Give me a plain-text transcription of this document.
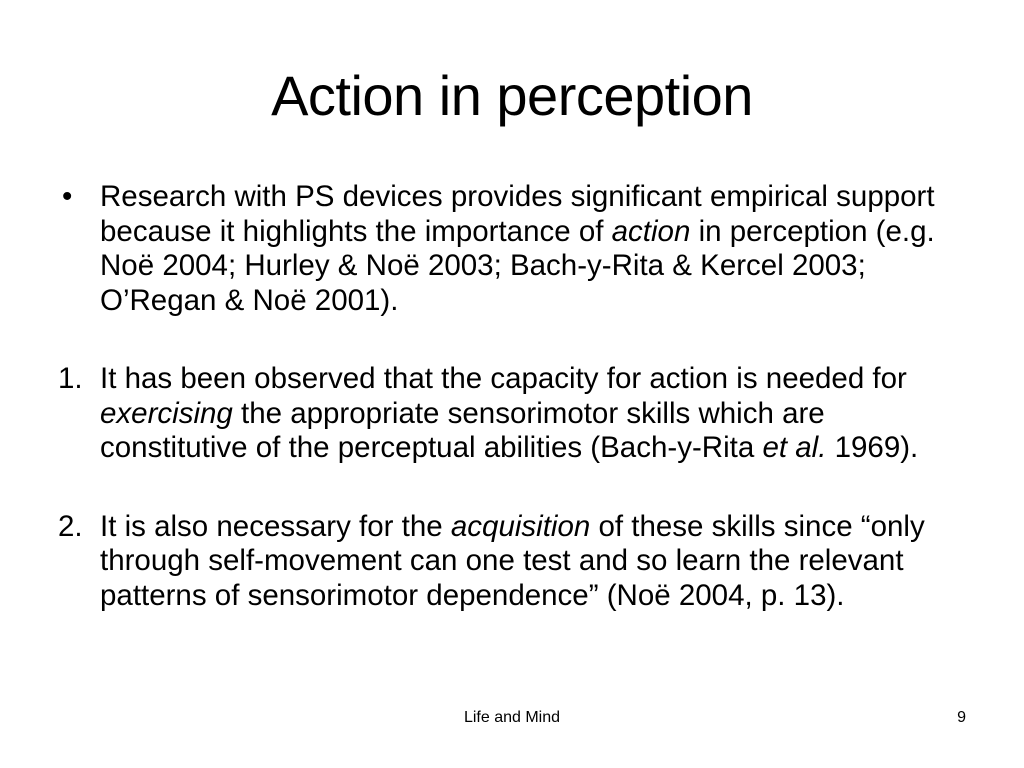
Action in perception

• Research with PS devices provides significant empirical support because it highlights the importance of action in perception (e.g. Noë 2004; Hurley & Noë 2003; Bach-y-Rita & Kercel 2003; O’Regan & Noë 2001).

1. It has been observed that the capacity for action is needed for exercising the appropriate sensorimotor skills which are constitutive of the perceptual abilities (Bach-y-Rita et al. 1969).

2. It is also necessary for the acquisition of these skills since “only through self-movement can one test and so learn the relevant patterns of sensorimotor dependence” (Noë 2004, p. 13).

Life and Mind	9
